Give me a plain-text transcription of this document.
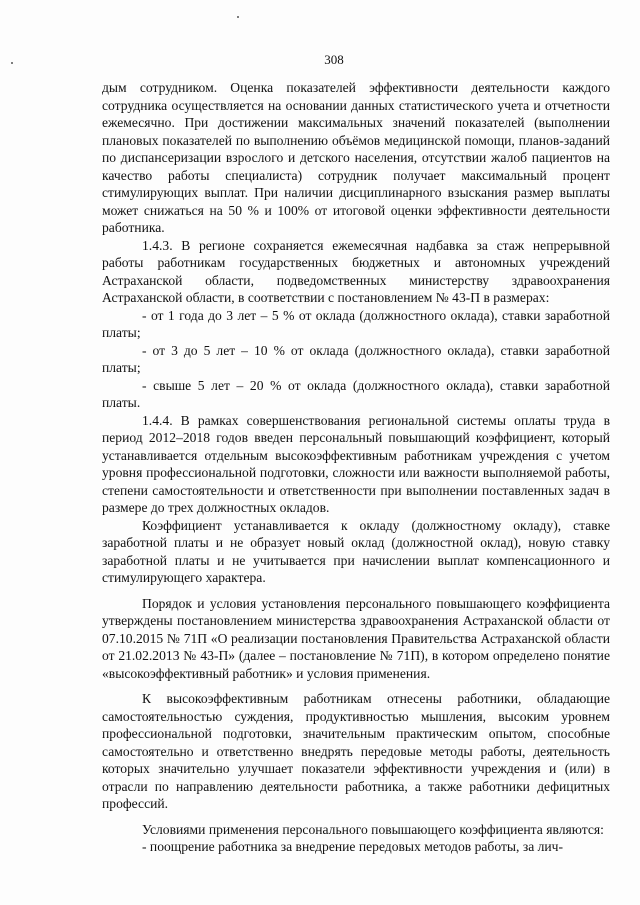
308

дым сотрудником. Оценка показателей эффективности деятельности каждого сотрудника осуществляется на основании данных статистического учета и отчетности ежемесячно. При достижении максимальных значений показателей (выполнении плановых показателей по выполнению объёмов медицинской помощи, планов-заданий по диспансеризации взрослого и детского населения, отсутствии жалоб пациентов на качество работы специалиста) сотрудник получает максимальный процент стимулирующих выплат. При наличии дисциплинарного взыскания размер выплаты может снижаться на 50 % и 100% от итоговой оценки эффективности деятельности работника.

1.4.3. В регионе сохраняется ежемесячная надбавка за стаж непрерывной работы работникам государственных бюджетных и автономных учреждений Астраханской области, подведомственных министерству здравоохранения Астраханской области, в соответствии с постановлением № 43-П в размерах:

- от 1 года до 3 лет – 5 % от оклада (должностного оклада), ставки заработной платы;

- от 3 до 5 лет – 10 % от оклада (должностного оклада), ставки заработной платы;

- свыше 5 лет – 20 % от оклада (должностного оклада), ставки заработной платы.

1.4.4. В рамках совершенствования региональной системы оплаты труда в период 2012–2018 годов введен персональный повышающий коэффициент, который устанавливается отдельным высокоэффективным работникам учреждения с учетом уровня профессиональной подготовки, сложности или важности выполняемой работы, степени самостоятельности и ответственности при выполнении поставленных задач в размере до трех должностных окладов.

Коэффициент устанавливается к окладу (должностному окладу), ставке заработной платы и не образует новый оклад (должностной оклад), новую ставку заработной платы и не учитывается при начислении выплат компенсационного и стимулирующего характера.

Порядок и условия установления персонального повышающего коэффициента утверждены постановлением министерства здравоохранения Астраханской области от 07.10.2015 № 71П «О реализации постановления Правительства Астраханской области от 21.02.2013 № 43-П» (далее – постановление № 71П), в котором определено понятие «высокоэффективный работник» и условия применения.

К высокоэффективным работникам отнесены работники, обладающие самостоятельностью суждения, продуктивностью мышления, высоким уровнем профессиональной подготовки, значительным практическим опытом, способные самостоятельно и ответственно внедрять передовые методы работы, деятельность которых значительно улучшает показатели эффективности учреждения и (или) в отрасли по направлению деятельности работника, а также работники дефицитных профессий.

Условиями применения персонального повышающего коэффициента являются:

- поощрение работника за внедрение передовых методов работы, за лич-
